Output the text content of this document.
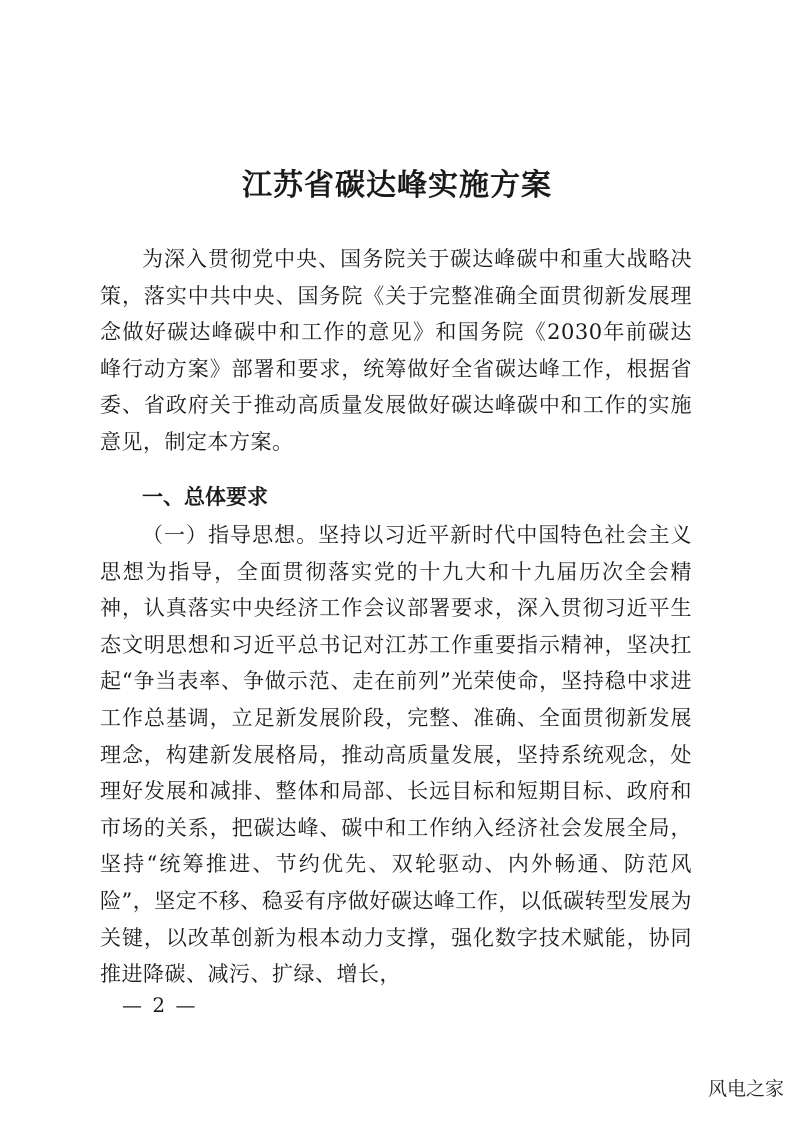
江苏省碳达峰实施方案

为深入贯彻党中央、国务院关于碳达峰碳中和重大战略决策，落实中共中央、国务院《关于完整准确全面贯彻新发展理念做好碳达峰碳中和工作的意见》和国务院《2030年前碳达峰行动方案》部署和要求，统筹做好全省碳达峰工作，根据省委、省政府关于推动高质量发展做好碳达峰碳中和工作的实施意见，制定本方案。

一、总体要求

（一）指导思想。坚持以习近平新时代中国特色社会主义思想为指导，全面贯彻落实党的十九大和十九届历次全会精神，认真落实中央经济工作会议部署要求，深入贯彻习近平生态文明思想和习近平总书记对江苏工作重要指示精神，坚决扛起“争当表率、争做示范、走在前列”光荣使命，坚持稳中求进工作总基调，立足新发展阶段，完整、准确、全面贯彻新发展理念，构建新发展格局，推动高质量发展，坚持系统观念，处理好发展和减排、整体和局部、长远目标和短期目标、政府和市场的关系，把碳达峰、碳中和工作纳入经济社会发展全局，坚持“统筹推进、节约优先、双轮驱动、内外畅通、防范风险”，坚定不移、稳妥有序做好碳达峰工作，以低碳转型发展为关键，以改革创新为根本动力支撑，强化数字技术赋能，协同推进降碳、减污、扩绿、增长，

— 2 —
风电之家
